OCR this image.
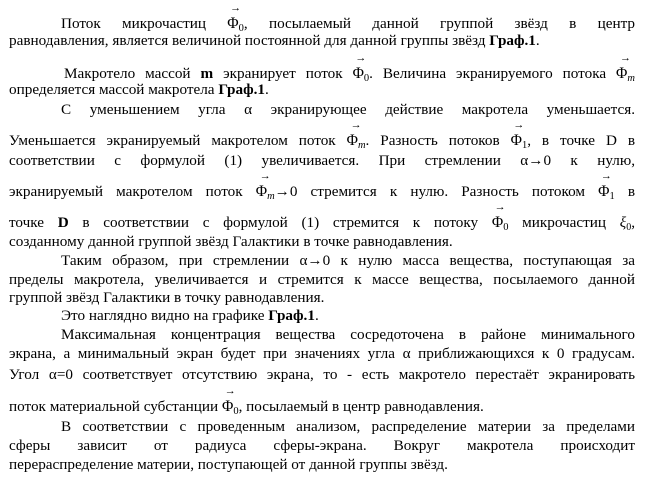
Поток микрочастиц → $\Phi_0$, посылаемый данной группой звёзд в центр
равнодавления, является величиной постоянной для данной группы звёзд Граф.1.
Макротело массой m экранирует поток → $\Phi_0$. Величина экранируемого потока → $\Phi_m$
определяется массой макротела Граф.1.
С уменьшением угла α экранирующее действие макротела уменьшается.
Уменьшается экранируемый макротелом поток → $\Phi_m$. Разность потоков → $\Phi_1$, в точке D в
соответствии с формулой (1) увеличивается. При стремлении α→0 к нулю,
экранируемый макротелом поток → $\Phi_m\to 0$ стремится к нулю. Разность потоком → $\Phi_1$ в
точке D в соответствии с формулой (1) стремится к потоку → $\Phi_0$ микрочастиц $\xi_0$,
созданному данной группой звёзд Галактики в точке равнодавления.
Таким образом, при стремлении α→0 к нулю масса вещества, поступающая за
пределы макротела, увеличивается и стремится к массе вещества, посылаемого данной
группой звёзд Галактики в точку равнодавления.
Это наглядно видно на графике Граф.1.
Максимальная концентрация вещества сосредоточена в районе минимального
экрана, а минимальный экран будет при значениях угла α приближающихся к 0 градусам.
Угол α=0 соответствует отсутствию экрана, то - есть макротело перестаёт экранировать
поток материальной субстанции → $\Phi_0$, посылаемый в центр равнодавления.
В соответствии с проведенным анализом, распределение материи за пределами
сферы зависит от радиуса сферы-экрана. Вокруг макротела происходит
перераспределение материи, поступающей от данной группы звёзд.
